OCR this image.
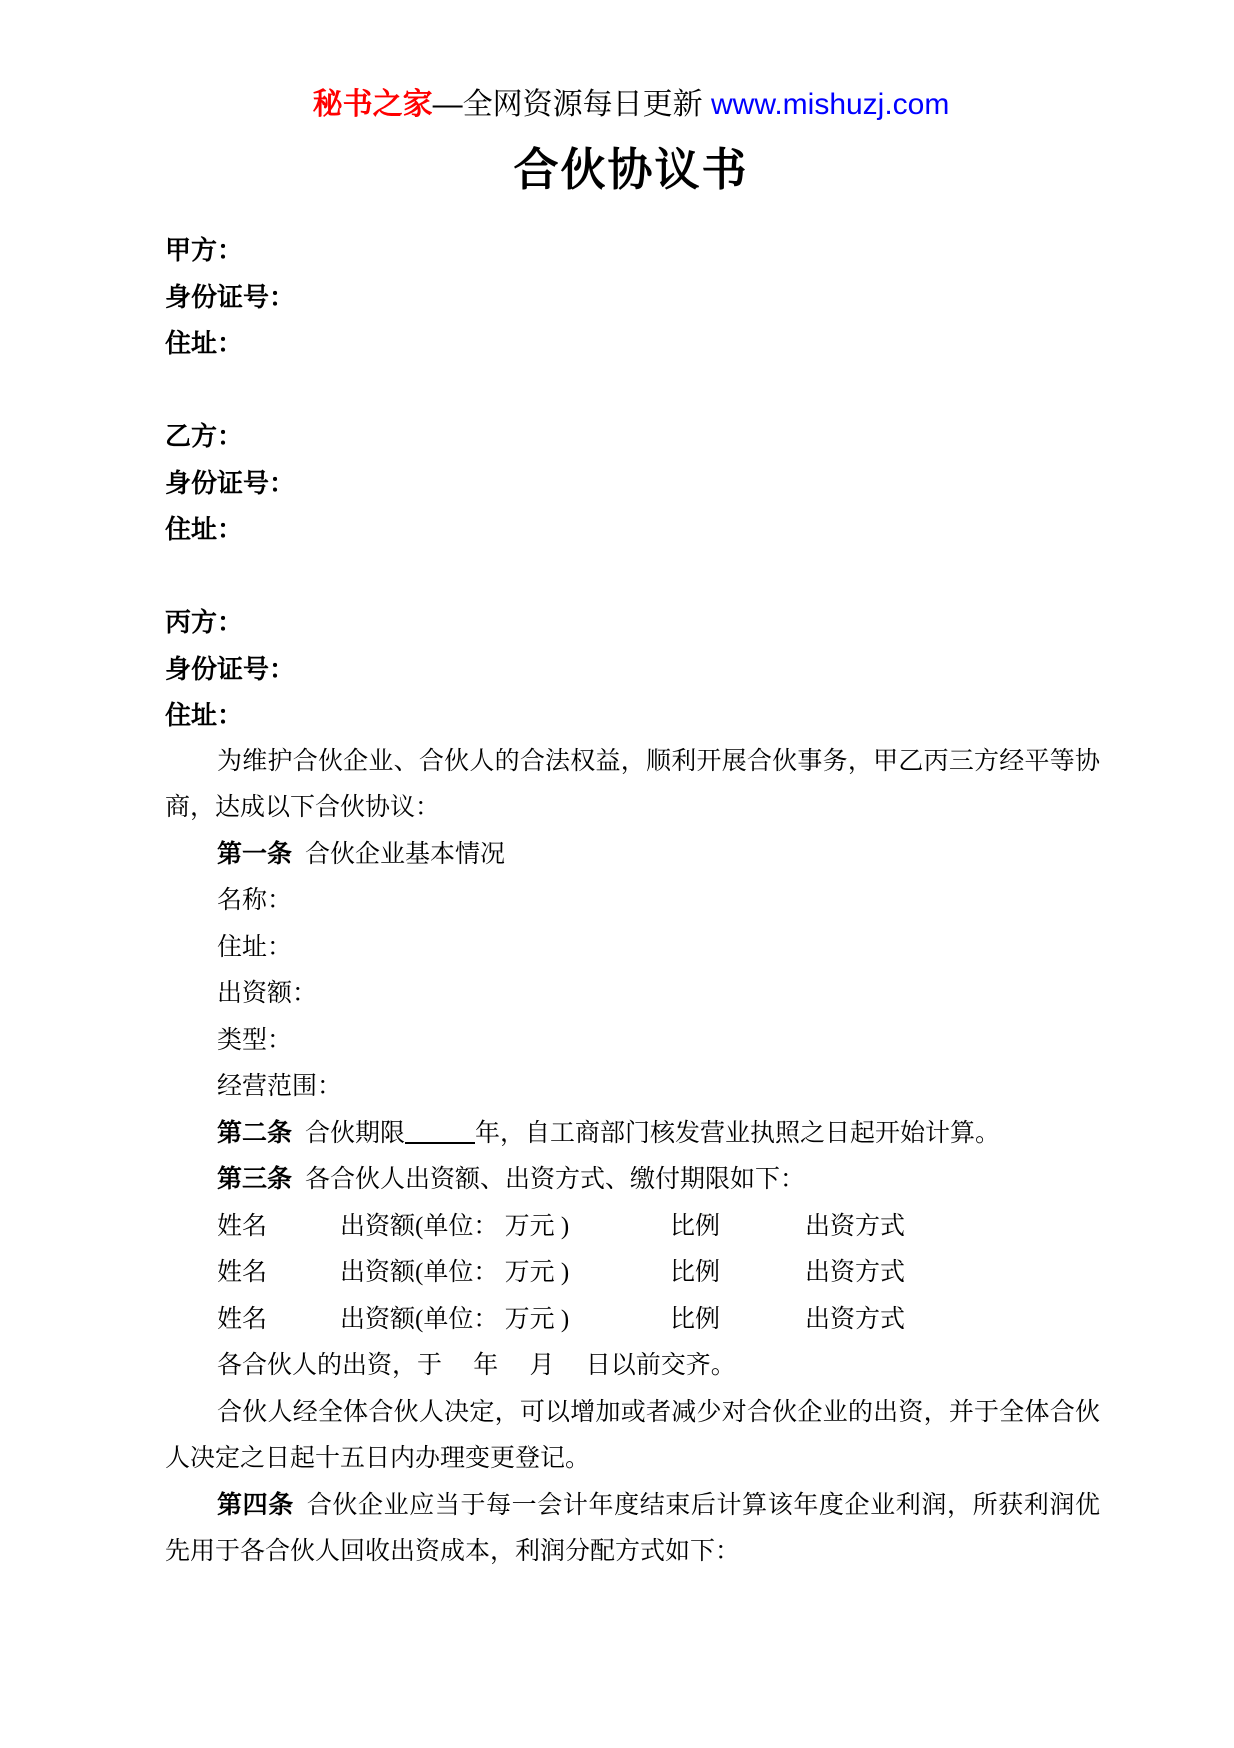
秘书之家—全网资源每日更新 www.mishuzj.com
合伙协议书
甲方：
身份证号：
住址：
乙方：
身份证号：
住址：
丙方：
身份证号：
住址：
为维护合伙企业、合伙人的合法权益，顺利开展合伙事务，甲乙丙三方经平等协
商，达成以下合伙协议：
第一条 合伙企业基本情况
名称：
住址：
出资额：
类型：
经营范围：
第二条 合伙期限	年，自工商部门核发营业执照之日起开始计算。
第三条 各合伙人出资额、出资方式、缴付期限如下：
姓名	出资额(单位： 万元 )	比例	出资方式
姓名	出资额(单位： 万元 )	比例	出资方式
姓名	出资额(单位： 万元 )	比例	出资方式
各合伙人的出资，于　 年　 月　 日以前交齐。
合伙人经全体合伙人决定，可以增加或者减少对合伙企业的出资，并于全体合伙
人决定之日起十五日内办理变更登记。
第四条 合伙企业应当于每一会计年度结束后计算该年度企业利润，所获利润优
先用于各合伙人回收出资成本，利润分配方式如下：
